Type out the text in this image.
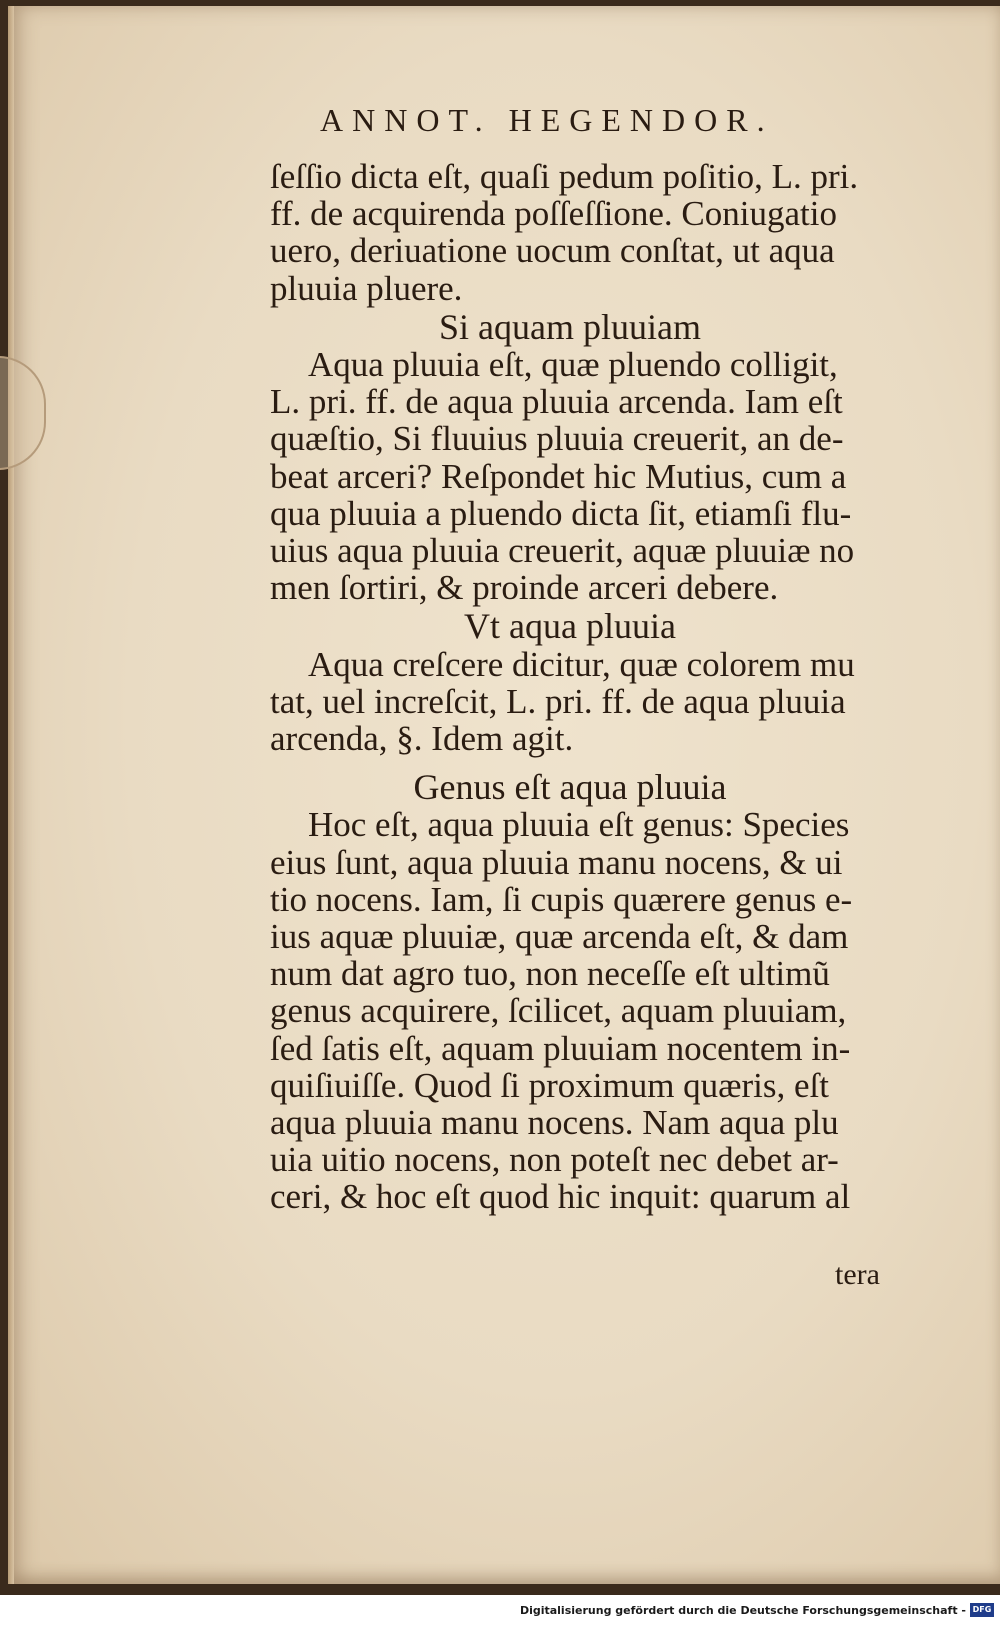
ANNOT. HEGENDOR.
ſeſſio dicta eſt, quaſi pedum poſitio, L. pri.
ff. de acquirenda poſſeſſione. Coniugatio
uero, deriuatione uocum conſtat, ut aqua
pluuia pluere.
Si aquam pluuiam
Aqua pluuia eſt, quæ pluendo colligit,
L. pri. ff. de aqua pluuia arcenda. Iam eſt
quæſtio, Si fluuius pluuia creuerit, an de-
beat arceri? Reſpondet hic Mutius, cum a
qua pluuia a pluendo dicta ſit, etiamſi flu-
uius aqua pluuia creuerit, aquæ pluuiæ no
men ſortiri, & proinde arceri debere.
Vt aqua pluuia
Aqua creſcere dicitur, quæ colorem mu
tat, uel increſcit, L. pri. ff. de aqua pluuia
arcenda, §. Idem agit.
Genus eſt aqua pluuia
Hoc eſt, aqua pluuia eſt genus: Species
eius ſunt, aqua pluuia manu nocens, & ui
tio nocens. Iam, ſi cupis quærere genus e-
ius aquæ pluuiæ, quæ arcenda eſt, & dam
num dat agro tuo, non neceſſe eſt ultimũ
genus acquirere, ſcilicet, aquam pluuiam,
ſed ſatis eſt, aquam pluuiam nocentem in-
quiſiuiſſe. Quod ſi proximum quæris, eſt
aqua pluuia manu nocens. Nam aqua plu
uia uitio nocens, non poteſt nec debet ar-
ceri, & hoc eſt quod hic inquit: quarum al
tera
Digitalisierung gefördert durch die Deutsche Forschungsgemeinschaft - DFG
